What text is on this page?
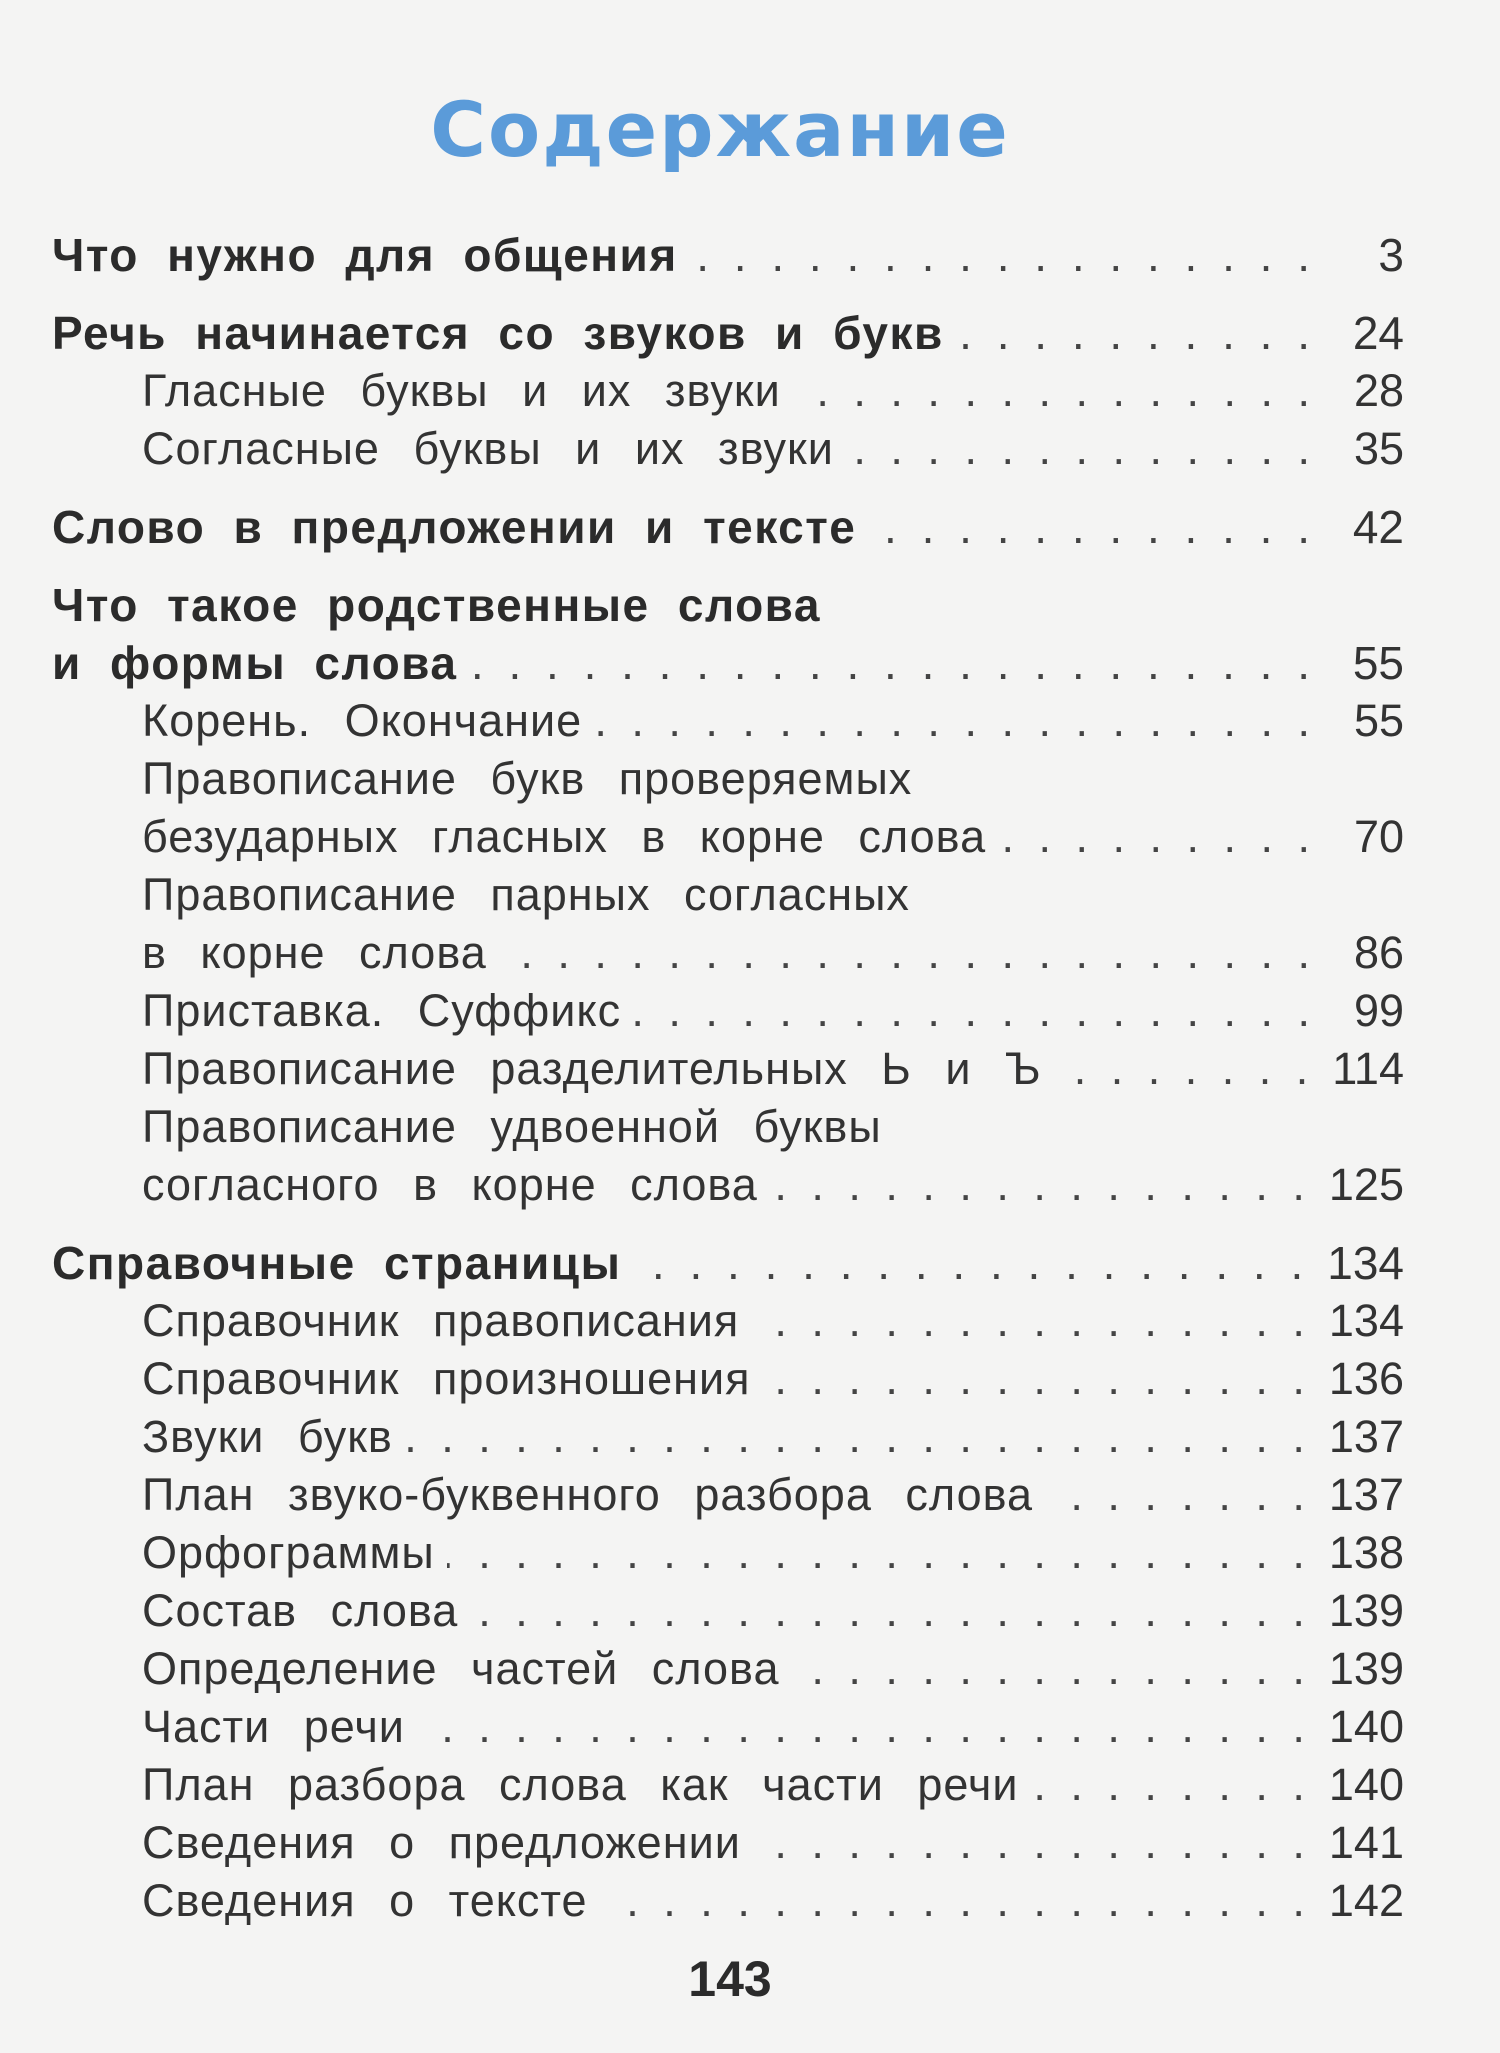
Содержание
Что нужно для общения . . .	3
Речь начинается со звуков и букв . . .	24
Гласные буквы и их звуки . . .	28
Согласные буквы и их звуки . . .	35
Слово в предложении и тексте . . .	42
Что такое родственные слова
и формы слова . . .	55
Корень. Окончание . . .	55
Правописание букв проверяемых
безударных гласных в корне слова . . .	70
Правописание парных согласных
в корне слова . . .	86
Приставка. Суффикс . . .	99
Правописание разделительных Ь и Ъ . . .	114
Правописание удвоенной буквы
согласного в корне слова . . .	125
Справочные страницы . . .	134
Справочник правописания . . .	134
Справочник произношения . . .	136
Звуки букв . . .	137
План звуко-буквенного разбора слова . . .	137
Орфограммы . . .	138
Состав слова . . .	139
Определение частей слова . . .	139
Части речи . . .	140
План разбора слова как части речи . . .	140
Сведения о предложении . . .	141
Сведения о тексте . . .	142
143
